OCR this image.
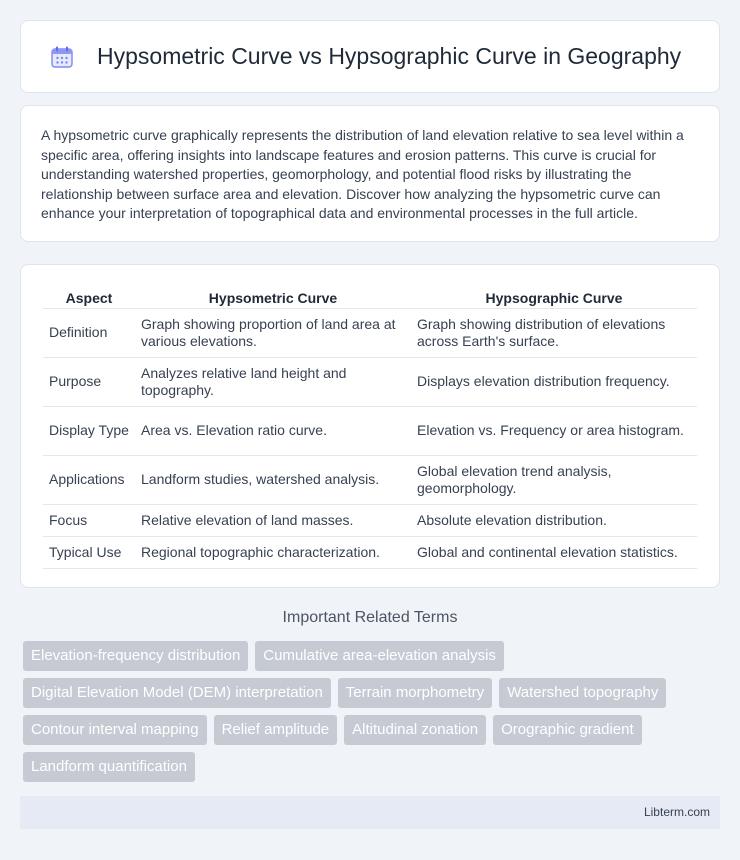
Hypsometric Curve vs Hypsographic Curve in Geography

A hypsometric curve graphically represents the distribution of land elevation relative to sea level within a specific area, offering insights into landscape features and erosion patterns. This curve is crucial for understanding watershed properties, geomorphology, and potential flood risks by illustrating the relationship between surface area and elevation. Discover how analyzing the hypsometric curve can enhance your interpretation of topographical data and environmental processes in the full article.

Aspect	Hypsometric Curve	Hypsographic Curve
Definition	Graph showing proportion of land area at various elevations.	Graph showing distribution of elevations across Earth's surface.
Purpose	Analyzes relative land height and topography.	Displays elevation distribution frequency.
Display Type	Area vs. Elevation ratio curve.	Elevation vs. Frequency or area histogram.
Applications	Landform studies, watershed analysis.	Global elevation trend analysis, geomorphology.
Focus	Relative elevation of land masses.	Absolute elevation distribution.
Typical Use	Regional topographic characterization.	Global and continental elevation statistics.
Important Related Terms
Elevation-frequency distribution	Cumulative area-elevation analysis
Digital Elevation Model (DEM) interpretation	Terrain morphometry	Watershed topography
Contour interval mapping	Relief amplitude	Altitudinal zonation	Orographic gradient
Landform quantification
Libterm.com
